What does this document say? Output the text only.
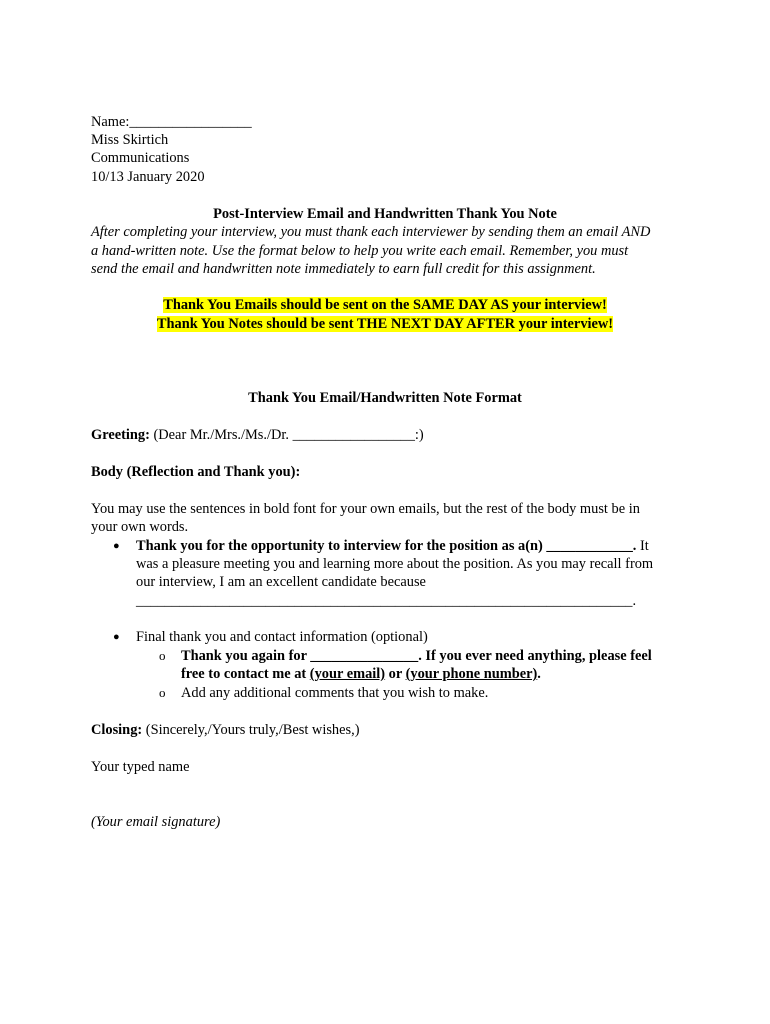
Name:_________________
Miss Skirtich
Communications
10/13 January 2020
Post-Interview Email and Handwritten Thank You Note
After completing your interview, you must thank each interviewer by sending them an email AND
a hand-written note. Use the format below to help you write each email. Remember, you must
send the email and handwritten note immediately to earn full credit for this assignment.
Thank You Emails should be sent on the SAME DAY AS your interview!
Thank You Notes should be sent THE NEXT DAY AFTER your interview!
Thank You Email/Handwritten Note Format
Greeting: (Dear Mr./Mrs./Ms./Dr. _________________:)
Body (Reflection and Thank you):
You may use the sentences in bold font for your own emails, but the rest of the body must be in
your own words.
● Thank you for the opportunity to interview for the position as a(n) ____________. It
was a pleasure meeting you and learning more about the position. As you may recall from
our interview, I am an excellent candidate because
_____________________________________________________________________.
● Final thank you and contact information (optional)
o Thank you again for _______________. If you ever need anything, please feel
free to contact me at (your email) or (your phone number).
o Add any additional comments that you wish to make.
Closing: (Sincerely,/Yours truly,/Best wishes,)
Your typed name
(Your email signature)
